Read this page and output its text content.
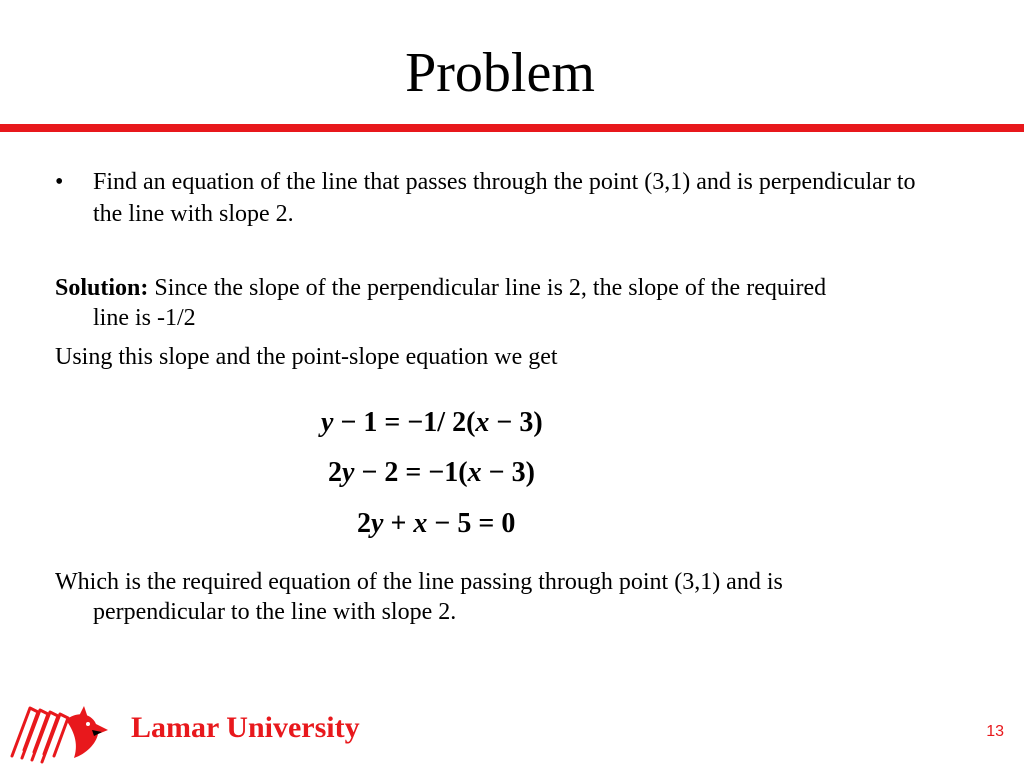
Problem
•	Find an equation of the line that passes through the point (3,1) and is perpendicular to the line with slope 2.
Solution: Since the slope of the perpendicular line is 2, the slope of the required
line is -1/2
Using this slope and the point-slope equation we get
y − 1 = −1/ 2(x − 3)
2y − 2 = −1(x − 3)
2y + x − 5 = 0
Which is the required equation of the line passing through point (3,1) and is
perpendicular to the line with slope 2.
Lamar University	13
